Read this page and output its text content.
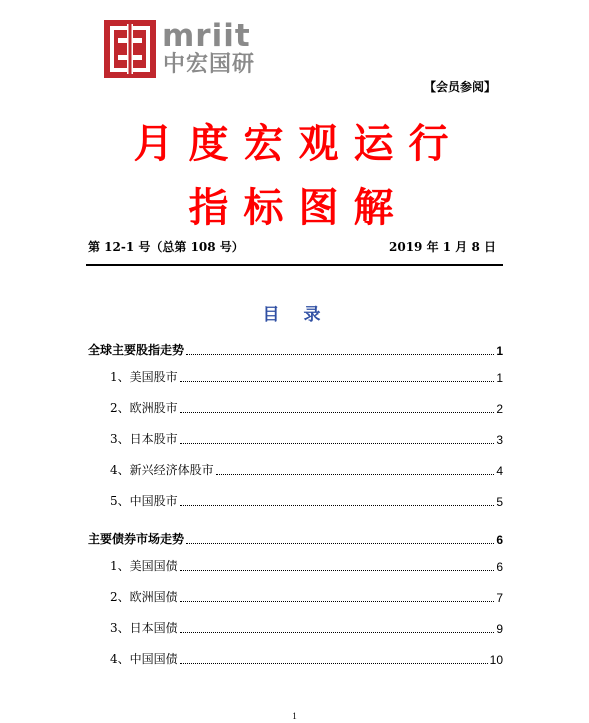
mriit
中宏国研
【会员参阅】
月度宏观运行
指标图解
第 12-1 号（总第 108 号）	2019 年 1 月 8 日
目录
全球主要股指走势	1
1、美国股市	1
2、欧洲股市	2
3、日本股市	3
4、新兴经济体股市	4
5、中国股市	5
主要债券市场走势	6
1、美国国债	6
2、欧洲国债	7
3、日本国债	9
4、中国国债	10
1
